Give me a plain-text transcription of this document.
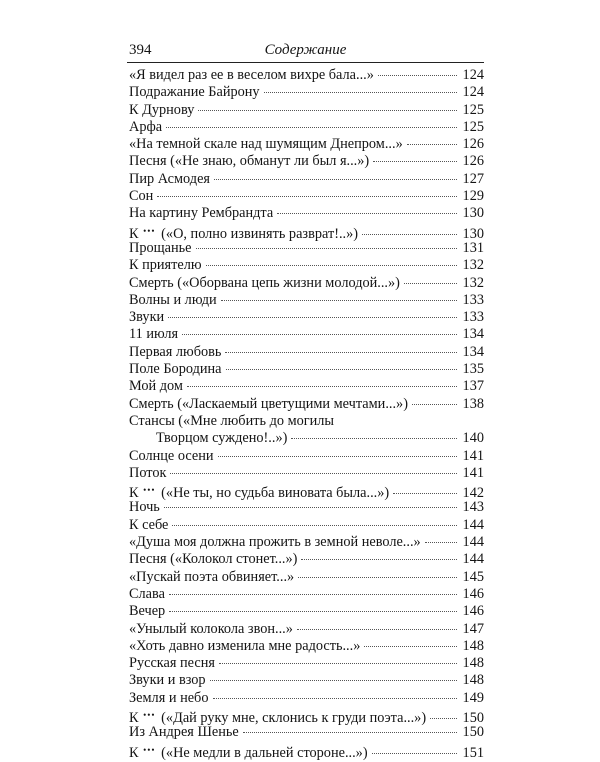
394	Содержание
«Я видел раз ее в веселом вихре бала...»	124
Подражание Байрону	124
К Дурнову	125
Арфа	125
«На темной скале над шумящим Днепром...»	126
Песня («Не знаю, обманут ли был я...»)	126
Пир Асмодея	127
Сон	129
На картину Рембрандта	130
К ••• («О, полно извинять разврат!..»)	130
Прощанье	131
К приятелю	132
Смерть («Оборвана цепь жизни молодой...»)	132
Волны и люди	133
Звуки	133
11 июля	134
Первая любовь	134
Поле Бородина	135
Мой дом	137
Смерть («Ласкаемый цветущими мечтами...»)	138
Стансы («Мне любить до могилы
Творцом суждено!..»)	140
Солнце осени	141
Поток	141
К ••• («Не ты, но судьба виновата была...»)	142
Ночь	143
К себе	144
«Душа моя должна прожить в земной неволе...»	144
Песня («Колокол стонет...»)	144
«Пускай поэта обвиняет...»	145
Слава	146
Вечер	146
«Унылый колокола звон...»	147
«Хоть давно изменила мне радость...»	148
Русская песня	148
Звуки и взор	148
Земля и небо	149
К ••• («Дай руку мне, склонись к груди поэта...»)	150
Из Андрея Шенье	150
К ••• («Не медли в дальней стороне...»)	151
